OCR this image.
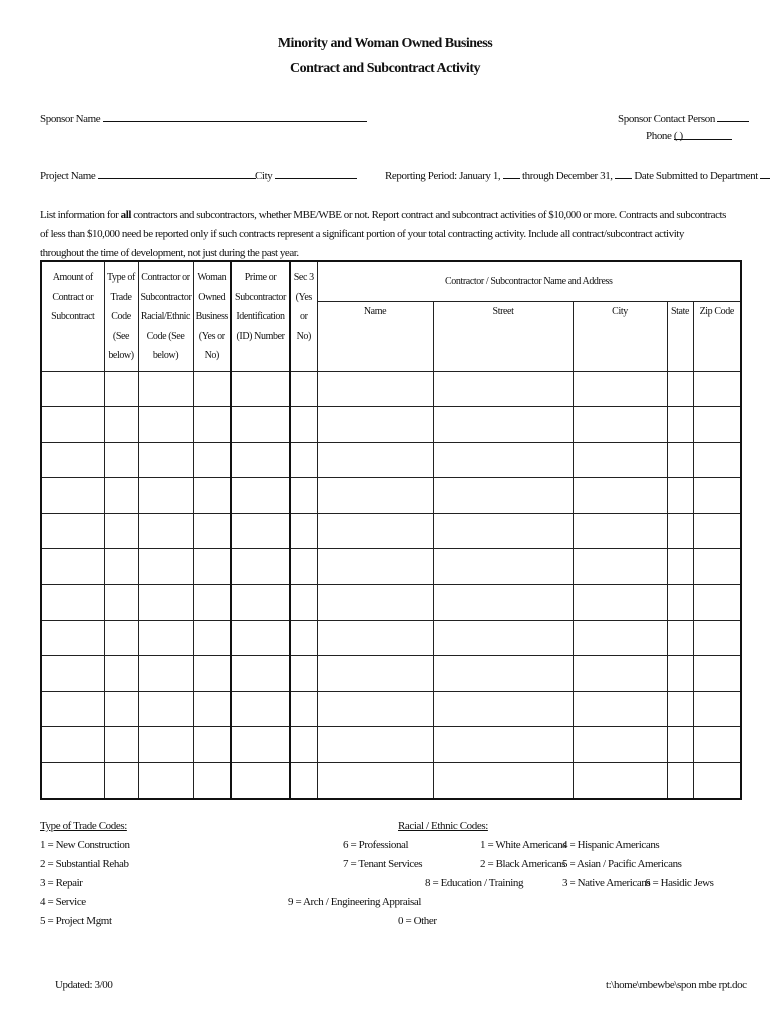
Minority and Woman Owned Business
Contract and Subcontract Activity
Sponsor Name	Sponsor Contact Person
Phone ( )
Project Name	City	Reporting Period: January 1, through December 31, Date Submitted to Department
List information for all contractors and subcontractors, whether MBE/WBE or not. Report contract and subcontract activities of $10,000 or more. Contracts and subcontracts of less than $10,000 need be reported only if such contracts represent a significant portion of your total contracting activity. Include all contract/subcontract activity throughout the time of development, not just during the past year.
Amount of Contract or Subcontract	Type of Trade Code (See below)	Contractor or Subcontractor Racial/Ethnic Code (See below)	Woman Owned Business (Yes or No)	Prime or Subcontractor Identification (ID) Number	Sec 3 (Yes or No)	Contractor / Subcontractor Name and Address				
						Name	Street	City	State	Zip Code

Type of Trade Codes:
1 = New Construction
2 = Substantial Rehab
3 = Repair
4 = Service
5 = Project Mgmt
6 = Professional
7 = Tenant Services
8 = Education / Training
9 = Arch / Engineering Appraisal
0 = Other
Racial / Ethnic Codes:
1 = White Americans
2 = Black Americans
3 = Native Americans
4 = Hispanic Americans
5 = Asian / Pacific Americans
6 = Hasidic Jews
Updated: 3/00	t:\home\mbewbe\spon mbe rpt.doc
